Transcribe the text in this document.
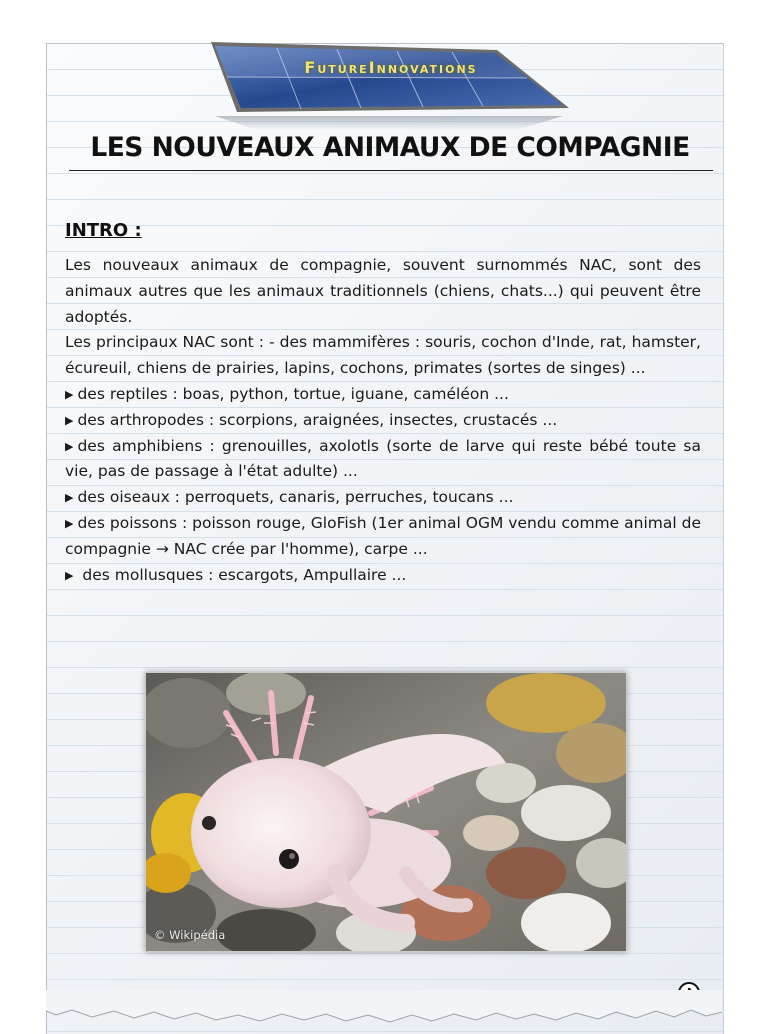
FutureInnovations
LES NOUVEAUX ANIMAUX DE COMPAGNIE
INTRO :

Les nouveaux animaux de compagnie, souvent surnommés NAC, sont des animaux autres que les animaux traditionnels (chiens, chats...) qui peuvent être adoptés.

Les principaux NAC sont : - des mammifères : souris, cochon d'Inde, rat, hamster, écureuil, chiens de prairies, lapins, cochons, primates (sortes de singes) ...

▶ des reptiles : boas, python, tortue, iguane, caméléon ...

▶ des arthropodes : scorpions, araignées, insectes, crustacés ...

▶ des amphibiens : grenouilles, axolotls (sorte de larve qui reste bébé toute sa vie, pas de passage à l'état adulte) ...

▶ des oiseaux : perroquets, canaris, perruches, toucans ...

▶ des poissons : poisson rouge, GloFish (1er animal OGM vendu comme animal de compagnie → NAC crée par l'homme), carpe ...

▶ des mollusques : escargots, Ampullaire ...

© Wikipédia
